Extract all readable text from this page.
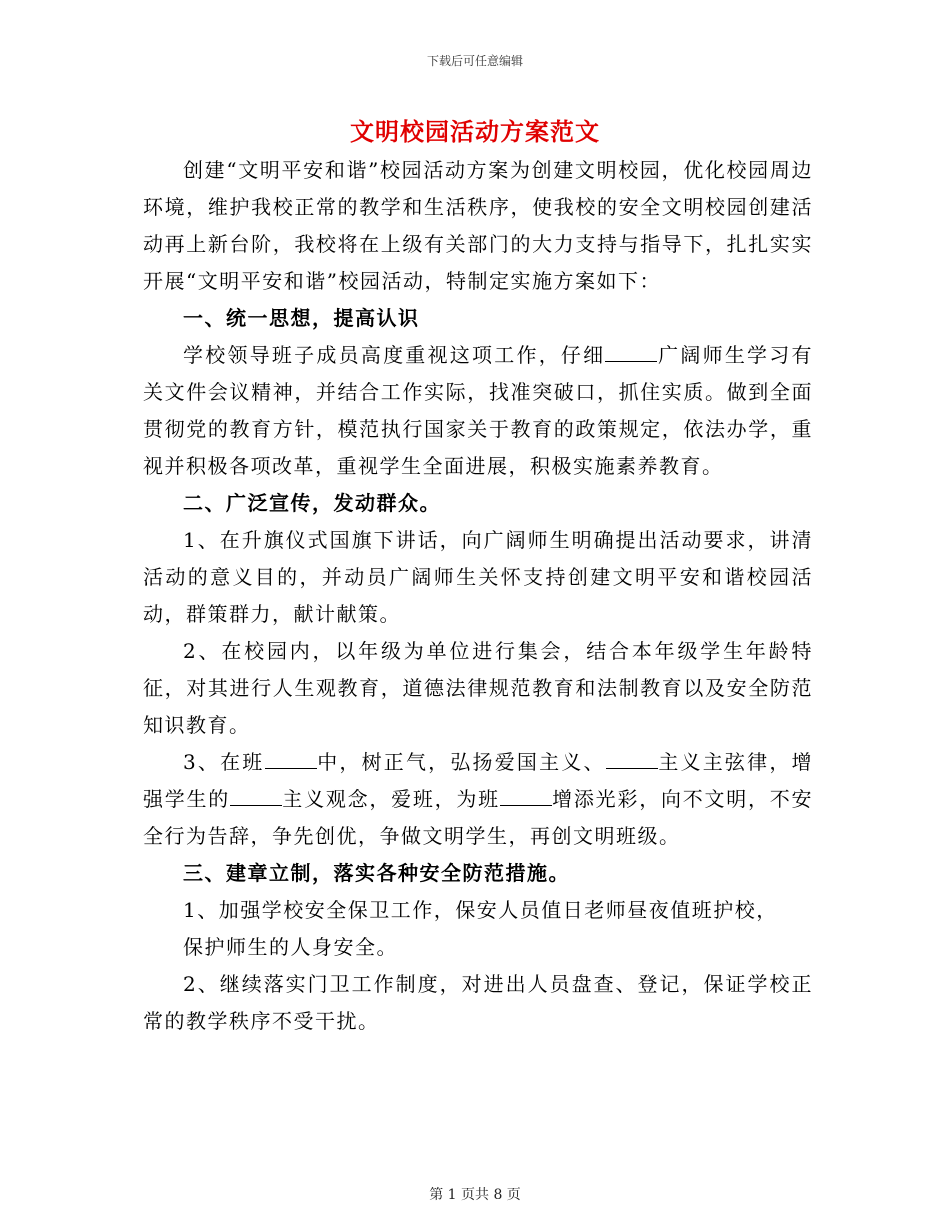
下载后可任意编辑
文明校园活动方案范文

创建“文明平安和谐”校园活动方案为创建文明校园，优化校园周边环境，维护我校正常的教学和生活秩序，使我校的安全文明校园创建活动再上新台阶，我校将在上级有关部门的大力支持与指导下，扎扎实实开展“文明平安和谐”校园活动，特制定实施方案如下：

一、统一思想，提高认识

学校领导班子成员高度重视这项工作，仔细	广阔师生学习有关文件会议精神，并结合工作实际，找准突破口，抓住实质。做到全面贯彻党的教育方针，模范执行国家关于教育的政策规定，依法办学，重视并积极各项改革，重视学生全面进展，积极实施素养教育。

二、广泛宣传，发动群众。

1、在升旗仪式国旗下讲话，向广阔师生明确提出活动要求，讲清活动的意义目的，并动员广阔师生关怀支持创建文明平安和谐校园活动，群策群力，献计献策。

2、在校园内，以年级为单位进行集会，结合本年级学生年龄特征，对其进行人生观教育，道德法律规范教育和法制教育以及安全防范知识教育。

3、在班	中，树正气，弘扬爱国主义、	主义主弦律，增强学生的	主义观念，爱班，为班	增添光彩，向不文明，不安全行为告辞，争先创优，争做文明学生，再创文明班级。

三、建章立制，落实各种安全防范措施。

1、加强学校安全保卫工作，保安人员值日老师昼夜值班护校，

保护师生的人身安全。

2、继续落实门卫工作制度，对进出人员盘查、登记，保证学校正常的教学秩序不受干扰。

第 1 页共 8 页
